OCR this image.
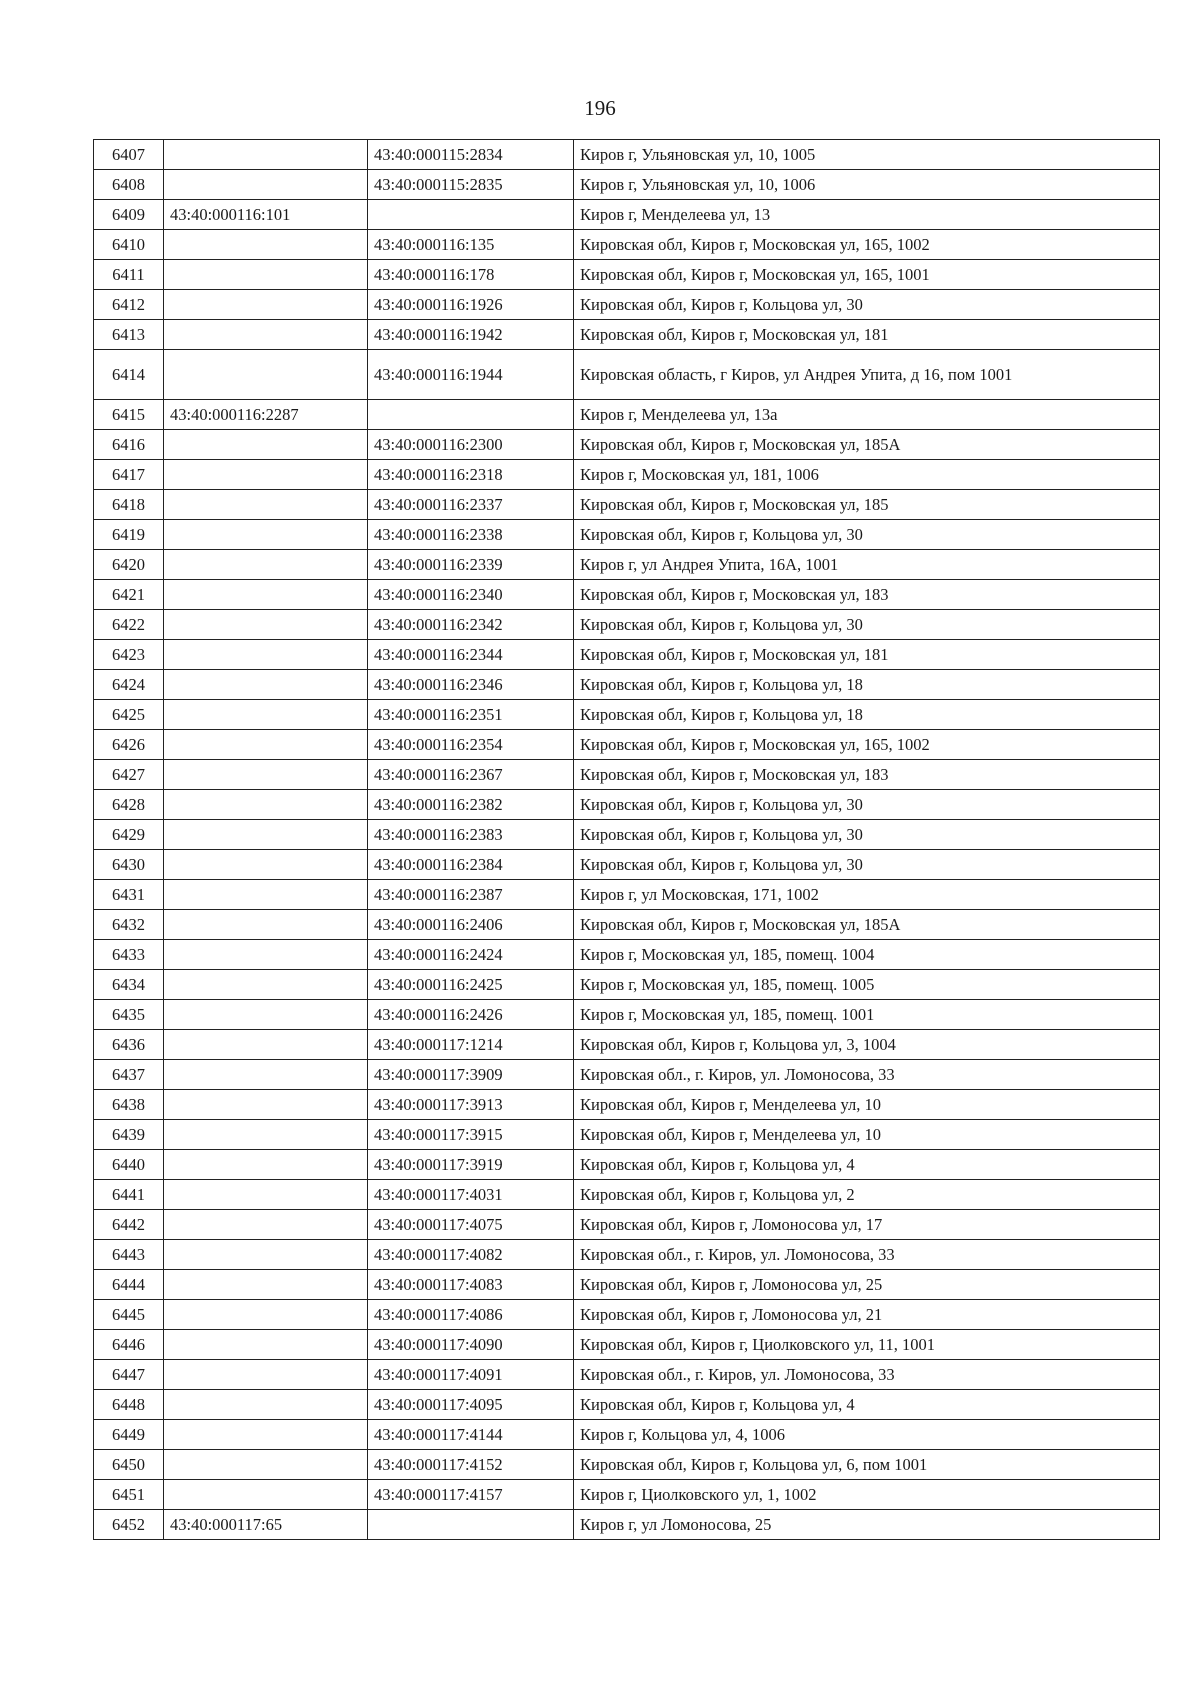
196
6407		43:40:000115:2834	Киров г, Ульяновская ул, 10, 1005
6408		43:40:000115:2835	Киров г, Ульяновская ул, 10, 1006
6409	43:40:000116:101		Киров г, Менделеева ул, 13
6410		43:40:000116:135	Кировская обл, Киров г, Московская ул, 165, 1002
6411		43:40:000116:178	Кировская обл, Киров г, Московская ул, 165, 1001
6412		43:40:000116:1926	Кировская обл, Киров г, Кольцова ул, 30
6413		43:40:000116:1942	Кировская обл, Киров г, Московская ул, 181
6414		43:40:000116:1944	Кировская область, г Киров, ул Андрея Упита, д 16, пом 1001
6415	43:40:000116:2287		Киров г, Менделеева ул, 13а
6416		43:40:000116:2300	Кировская обл, Киров г, Московская ул, 185А
6417		43:40:000116:2318	Киров г, Московская ул, 181, 1006
6418		43:40:000116:2337	Кировская обл, Киров г, Московская ул, 185
6419		43:40:000116:2338	Кировская обл, Киров г, Кольцова ул, 30
6420		43:40:000116:2339	Киров г, ул Андрея Упита, 16А, 1001
6421		43:40:000116:2340	Кировская обл, Киров г, Московская ул, 183
6422		43:40:000116:2342	Кировская обл, Киров г, Кольцова ул, 30
6423		43:40:000116:2344	Кировская обл, Киров г, Московская ул, 181
6424		43:40:000116:2346	Кировская обл, Киров г, Кольцова ул, 18
6425		43:40:000116:2351	Кировская обл, Киров г, Кольцова ул, 18
6426		43:40:000116:2354	Кировская обл, Киров г, Московская ул, 165, 1002
6427		43:40:000116:2367	Кировская обл, Киров г, Московская ул, 183
6428		43:40:000116:2382	Кировская обл, Киров г, Кольцова ул, 30
6429		43:40:000116:2383	Кировская обл, Киров г, Кольцова ул, 30
6430		43:40:000116:2384	Кировская обл, Киров г, Кольцова ул, 30
6431		43:40:000116:2387	Киров г, ул Московская, 171, 1002
6432		43:40:000116:2406	Кировская обл, Киров г, Московская ул, 185А
6433		43:40:000116:2424	Киров г, Московская ул, 185, помещ. 1004
6434		43:40:000116:2425	Киров г, Московская ул, 185, помещ. 1005
6435		43:40:000116:2426	Киров г, Московская ул, 185, помещ. 1001
6436		43:40:000117:1214	Кировская обл, Киров г, Кольцова ул, 3, 1004
6437		43:40:000117:3909	Кировская обл., г. Киров, ул. Ломоносова, 33
6438		43:40:000117:3913	Кировская обл, Киров г, Менделеева ул, 10
6439		43:40:000117:3915	Кировская обл, Киров г, Менделеева ул, 10
6440		43:40:000117:3919	Кировская обл, Киров г, Кольцова ул, 4
6441		43:40:000117:4031	Кировская обл, Киров г, Кольцова ул, 2
6442		43:40:000117:4075	Кировская обл, Киров г, Ломоносова ул, 17
6443		43:40:000117:4082	Кировская обл., г. Киров, ул. Ломоносова, 33
6444		43:40:000117:4083	Кировская обл, Киров г, Ломоносова ул, 25
6445		43:40:000117:4086	Кировская обл, Киров г, Ломоносова ул, 21
6446		43:40:000117:4090	Кировская обл, Киров г, Циолковского ул, 11, 1001
6447		43:40:000117:4091	Кировская обл., г. Киров, ул. Ломоносова, 33
6448		43:40:000117:4095	Кировская обл, Киров г, Кольцова ул, 4
6449		43:40:000117:4144	Киров г, Кольцова ул, 4, 1006
6450		43:40:000117:4152	Кировская обл, Киров г, Кольцова ул, 6, пом 1001
6451		43:40:000117:4157	Киров г, Циолковского ул, 1, 1002
6452	43:40:000117:65		Киров г, ул Ломоносова, 25
